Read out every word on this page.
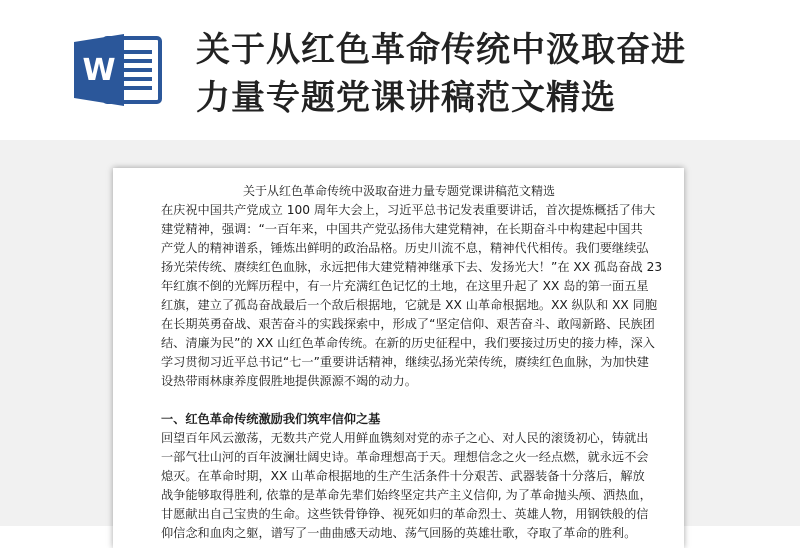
W
关于从红色革命传统中汲取奋进
力量专题党课讲稿范文精选
关于从红色革命传统中汲取奋进力量专题党课讲稿范文精选
在庆祝中国共产党成立 100 周年大会上，习近平总书记发表重要讲话，首次提炼概括了伟大
建党精神，强调：“一百年来，中国共产党弘扬伟大建党精神，在长期奋斗中构建起中国共
产党人的精神谱系，锤炼出鲜明的政治品格。历史川流不息，精神代代相传。我们要继续弘
扬光荣传统、赓续红色血脉，永远把伟大建党精神继承下去、发扬光大！”在 XX 孤岛奋战 23
年红旗不倒的光辉历程中，有一片充满红色记忆的土地，在这里升起了 XX 岛的第一面五星
红旗，建立了孤岛奋战最后一个敌后根据地，它就是 XX 山革命根据地。XX 纵队和 XX 同胞
在长期英勇奋战、艰苦奋斗的实践探索中，形成了“坚定信仰、艰苦奋斗、敢闯新路、民族团
结、清廉为民”的 XX 山红色革命传统。在新的历史征程中，我们要接过历史的接力棒，深入
学习贯彻习近平总书记“七一”重要讲话精神，继续弘扬光荣传统，赓续红色血脉，为加快建
设热带雨林康养度假胜地提供源源不竭的动力。
一、红色革命传统激励我们筑牢信仰之基
回望百年风云激荡，无数共产党人用鲜血镌刻对党的赤子之心、对人民的滚烫初心，铸就出
一部气壮山河的百年波澜壮阔史诗。革命理想高于天。理想信念之火一经点燃，就永远不会
熄灭。在革命时期，XX 山革命根据地的生产生活条件十分艰苦、武器装备十分落后，解放
战争能够取得胜利, 依靠的是革命先辈们始终坚定共产主义信仰, 为了革命抛头颅、洒热血，
甘愿献出自己宝贵的生命。这些铁骨铮铮、视死如归的革命烈士、英雄人物，用钢铁般的信
仰信念和血肉之躯，谱写了一曲曲感天动地、荡气回肠的英雄壮歌，夺取了革命的胜利。
